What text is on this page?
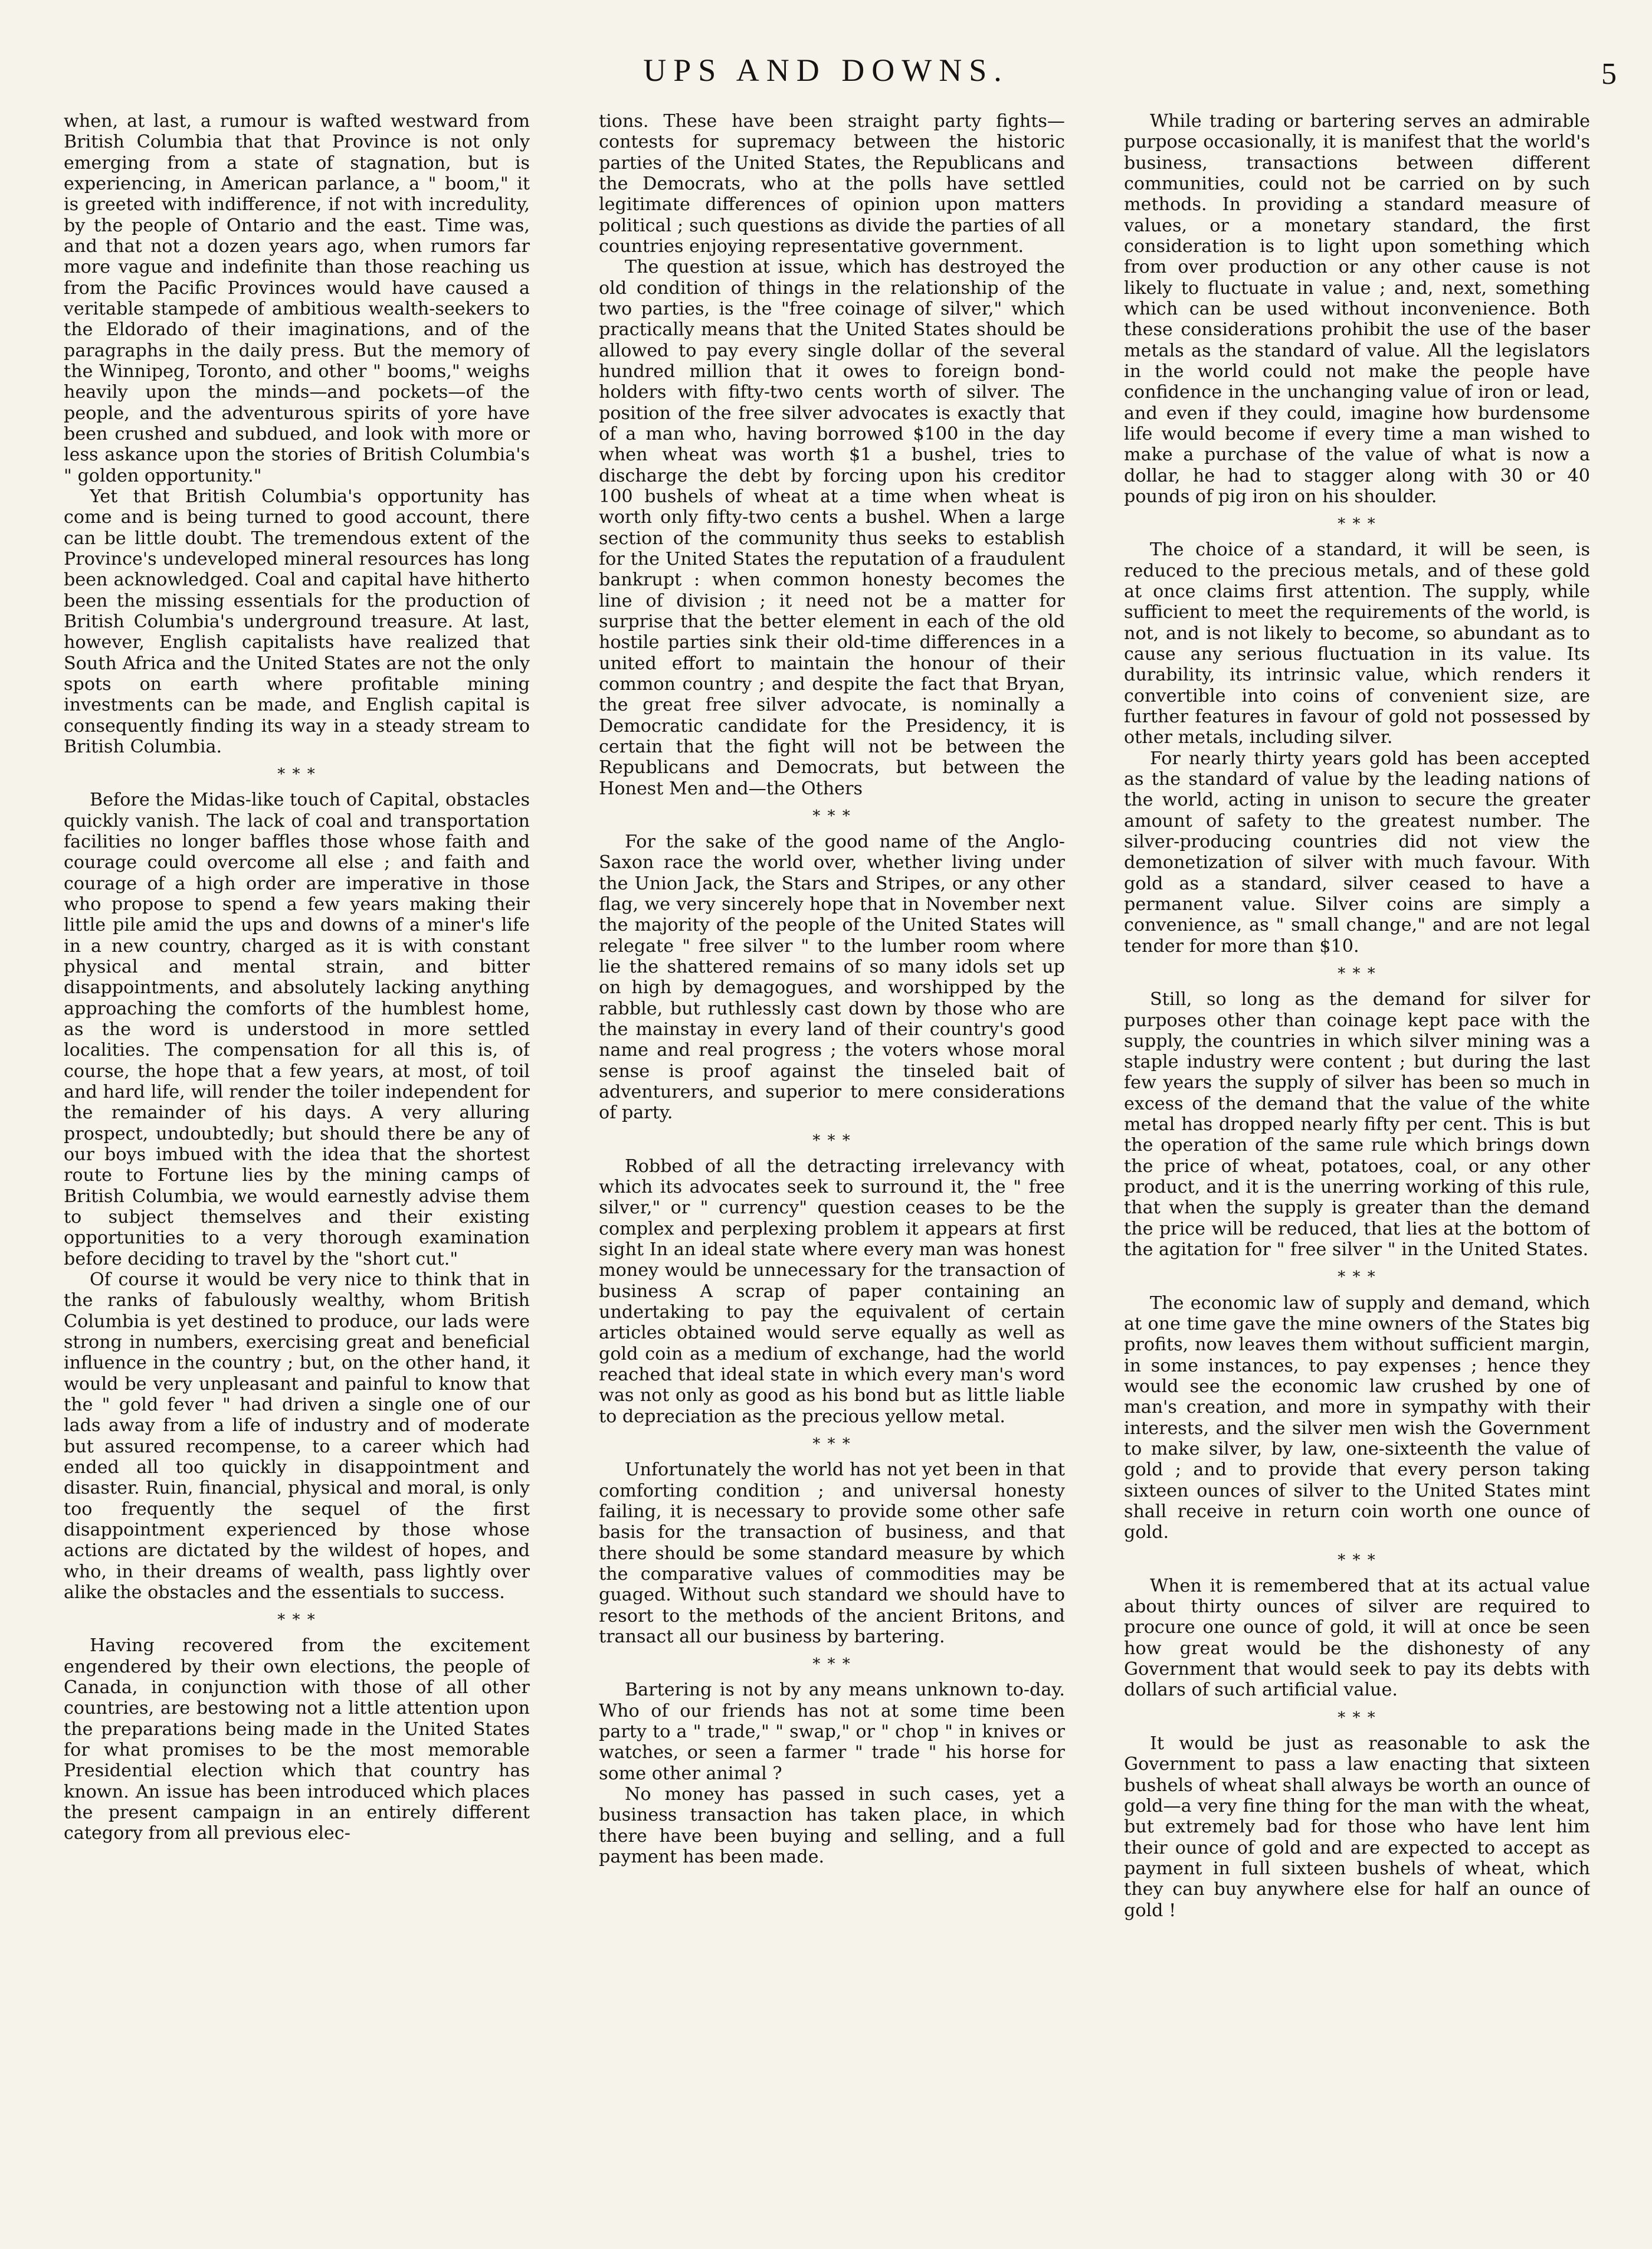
UPS AND DOWNS.	5

when, at last, a rumour is wafted westward from British Columbia that that Province is not only emerging from a state of stagnation, but is experiencing, in American parlance, a " boom," it is greeted with indifference, if not with incredulity, by the people of Ontario and the east. Time was, and that not a dozen years ago, when rumors far more vague and indefinite than those reaching us from the Pacific Provinces would have caused a veritable stampede of ambitious wealth-seekers to the Eldorado of their imaginations, and of the paragraphs in the daily press. But the memory of the Winnipeg, Toronto, and other " booms," weighs heavily upon the minds—and pockets—of the people, and the adventurous spirits of yore have been crushed and subdued, and look with more or less askance upon the stories of British Columbia's " golden opportunity."

Yet that British Columbia's opportunity has come and is being turned to good account, there can be little doubt. The tremendous extent of the Province's undeveloped mineral resources has long been acknowledged. Coal and capital have hitherto been the missing essentials for the production of British Columbia's underground treasure. At last, however, English capitalists have realized that South Africa and the United States are not the only spots on earth where profitable mining investments can be made, and English capital is consequently finding its way in a steady stream to British Columbia.

* * *

Before the Midas-like touch of Capital, obstacles quickly vanish. The lack of coal and transportation facilities no longer baffles those whose faith and courage could overcome all else ; and faith and courage of a high order are imperative in those who propose to spend a few years making their little pile amid the ups and downs of a miner's life in a new country, charged as it is with constant physical and mental strain, and bitter disappointments, and absolutely lacking anything approaching the comforts of the humblest home, as the word is understood in more settled localities. The compensation for all this is, of course, the hope that a few years, at most, of toil and hard life, will render the toiler independent for the remainder of his days. A very alluring prospect, undoubtedly; but should there be any of our boys imbued with the idea that the shortest route to Fortune lies by the mining camps of British Columbia, we would earnestly advise them to subject themselves and their existing opportunities to a very thorough examination before deciding to travel by the "short cut."

Of course it would be very nice to think that in the ranks of fabulously wealthy, whom British Columbia is yet destined to produce, our lads were strong in numbers, exercising great and beneficial influence in the country ; but, on the other hand, it would be very unpleasant and painful to know that the " gold fever " had driven a single one of our lads away from a life of industry and of moderate but assured recompense, to a career which had ended all too quickly in disappointment and disaster. Ruin, financial, physical and moral, is only too frequently the sequel of the first disappointment experienced by those whose actions are dictated by the wildest of hopes, and who, in their dreams of wealth, pass lightly over alike the obstacles and the essentials to success.

* * *

Having recovered from the excitement engendered by their own elections, the people of Canada, in conjunction with those of all other countries, are bestowing not a little attention upon the preparations being made in the United States for what promises to be the most memorable Presidential election which that country has known. An issue has been introduced which places the present campaign in an entirely different category from all previous elec-

tions. These have been straight party fights—contests for supremacy between the historic parties of the United States, the Republicans and the Democrats, who at the polls have settled legitimate differences of opinion upon matters political ; such questions as divide the parties of all countries enjoying representative government.

The question at issue, which has destroyed the old condition of things in the relationship of the two parties, is the "free coinage of silver," which practically means that the United States should be allowed to pay every single dollar of the several hundred million that it owes to foreign bond-holders with fifty-two cents worth of silver. The position of the free silver advocates is exactly that of a man who, having borrowed $100 in the day when wheat was worth $1 a bushel, tries to discharge the debt by forcing upon his creditor 100 bushels of wheat at a time when wheat is worth only fifty-two cents a bushel. When a large section of the community thus seeks to establish for the United States the reputation of a fraudulent bankrupt : when common honesty becomes the line of division ; it need not be a matter for surprise that the better element in each of the old hostile parties sink their old-time differences in a united effort to maintain the honour of their common country ; and despite the fact that Bryan, the great free silver advocate, is nominally a Democratic candidate for the Presidency, it is certain that the fight will not be between the Republicans and Democrats, but between the Honest Men and—the Others

* * *

For the sake of the good name of the Anglo-Saxon race the world over, whether living under the Union Jack, the Stars and Stripes, or any other flag, we very sincerely hope that in November next the majority of the people of the United States will relegate " free silver " to the lumber room where lie the shattered remains of so many idols set up on high by demagogues, and worshipped by the rabble, but ruthlessly cast down by those who are the mainstay in every land of their country's good name and real progress ; the voters whose moral sense is proof against the tinseled bait of adventurers, and superior to mere considerations of party.

* * *

Robbed of all the detracting irrelevancy with which its advocates seek to surround it, the " free silver," or " currency" question ceases to be the complex and perplexing problem it appears at first sight In an ideal state where every man was honest money would be unnecessary for the transaction of business A scrap of paper containing an undertaking to pay the equivalent of certain articles obtained would serve equally as well as gold coin as a medium of exchange, had the world reached that ideal state in which every man's word was not only as good as his bond but as little liable to depreciation as the precious yellow metal.

* * *

Unfortunately the world has not yet been in that comforting condition ; and universal honesty failing, it is necessary to provide some other safe basis for the transaction of business, and that there should be some standard measure by which the comparative values of commodities may be guaged. Without such standard we should have to resort to the methods of the ancient Britons, and transact all our business by bartering.

* * *

Bartering is not by any means unknown to-day. Who of our friends has not at some time been party to a " trade," " swap," or " chop " in knives or watches, or seen a farmer " trade " his horse for some other animal ?

No money has passed in such cases, yet a business transaction has taken place, in which there have been buying and selling, and a full payment has been made.

While trading or bartering serves an admirable purpose occasionally, it is manifest that the world's business, transactions between different communities, could not be carried on by such methods. In providing a standard measure of values, or a monetary standard, the first consideration is to light upon something which from over production or any other cause is not likely to fluctuate in value ; and, next, something which can be used without inconvenience. Both these considerations prohibit the use of the baser metals as the standard of value. All the legislators in the world could not make the people have confidence in the unchanging value of iron or lead, and even if they could, imagine how burdensome life would become if every time a man wished to make a purchase of the value of what is now a dollar, he had to stagger along with 30 or 40 pounds of pig iron on his shoulder.

* * *

The choice of a standard, it will be seen, is reduced to the precious metals, and of these gold at once claims first attention. The supply, while sufficient to meet the requirements of the world, is not, and is not likely to become, so abundant as to cause any serious fluctuation in its value. Its durability, its intrinsic value, which renders it convertible into coins of convenient size, are further features in favour of gold not possessed by other metals, including silver.

For nearly thirty years gold has been accepted as the standard of value by the leading nations of the world, acting in unison to secure the greater amount of safety to the greatest number. The silver-producing countries did not view the demonetization of silver with much favour. With gold as a standard, silver ceased to have a permanent value. Silver coins are simply a convenience, as " small change," and are not legal tender for more than $10.

* * *

Still, so long as the demand for silver for purposes other than coinage kept pace with the supply, the countries in which silver mining was a staple industry were content ; but during the last few years the supply of silver has been so much in excess of the demand that the value of the white metal has dropped nearly fifty per cent. This is but the operation of the same rule which brings down the price of wheat, potatoes, coal, or any other product, and it is the unerring working of this rule, that when the supply is greater than the demand the price will be reduced, that lies at the bottom of the agitation for " free silver " in the United States.

* * *

The economic law of supply and demand, which at one time gave the mine owners of the States big profits, now leaves them without sufficient margin, in some instances, to pay expenses ; hence they would see the economic law crushed by one of man's creation, and more in sympathy with their interests, and the silver men wish the Government to make silver, by law, one-sixteenth the value of gold ; and to provide that every person taking sixteen ounces of silver to the United States mint shall receive in return coin worth one ounce of gold.

* * *

When it is remembered that at its actual value about thirty ounces of silver are required to procure one ounce of gold, it will at once be seen how great would be the dishonesty of any Government that would seek to pay its debts with dollars of such artificial value.

* * *

It would be just as reasonable to ask the Government to pass a law enacting that sixteen bushels of wheat shall always be worth an ounce of gold—a very fine thing for the man with the wheat, but extremely bad for those who have lent him their ounce of gold and are expected to accept as payment in full sixteen bushels of wheat, which they can buy anywhere else for half an ounce of gold !
